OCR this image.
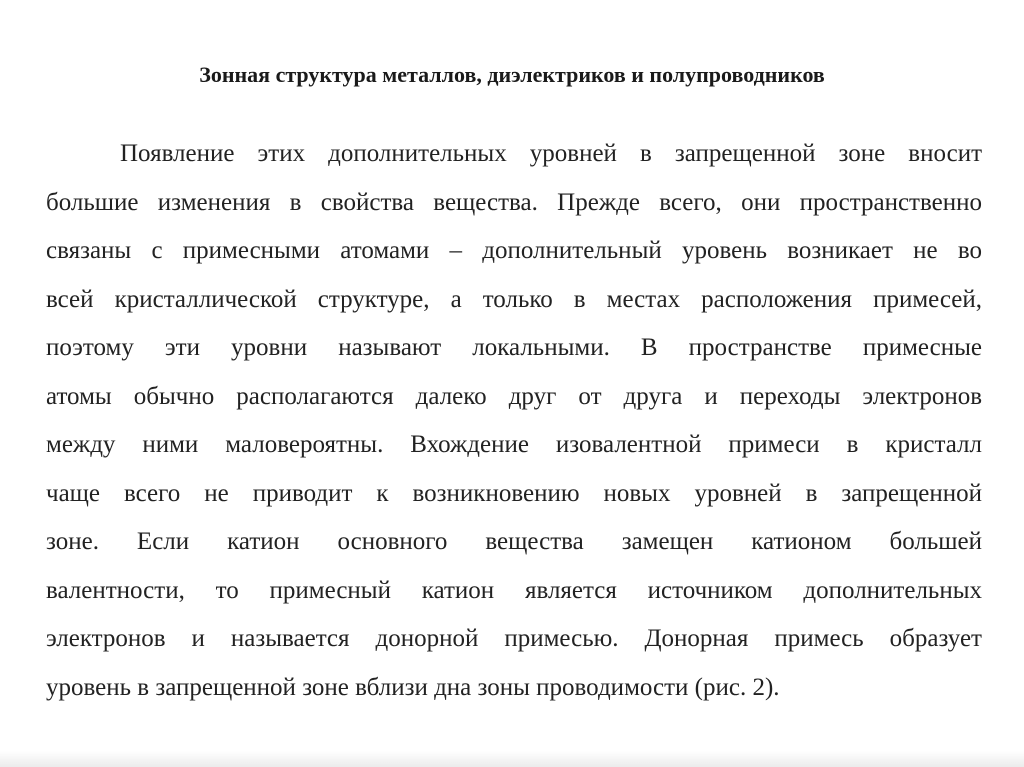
Зонная структура металлов, диэлектриков и полупроводников
Появление этих дополнительных уровней в запрещенной зоне вносит
большие изменения в свойства вещества. Прежде всего, они пространственно
связаны с примесными атомами – дополнительный уровень возникает не во
всей кристаллической структуре, а только в местах расположения примесей,
поэтому эти уровни называют локальными. В пространстве примесные
атомы обычно располагаются далеко друг от друга и переходы электронов
между ними маловероятны. Вхождение изовалентной примеси в кристалл
чаще всего не приводит к возникновению новых уровней в запрещенной
зоне. Если катион основного вещества замещен катионом большей
валентности, то примесный катион является источником дополнительных
электронов и называется донорной примесью. Донорная примесь образует
уровень в запрещенной зоне вблизи дна зоны проводимости (рис. 2).
